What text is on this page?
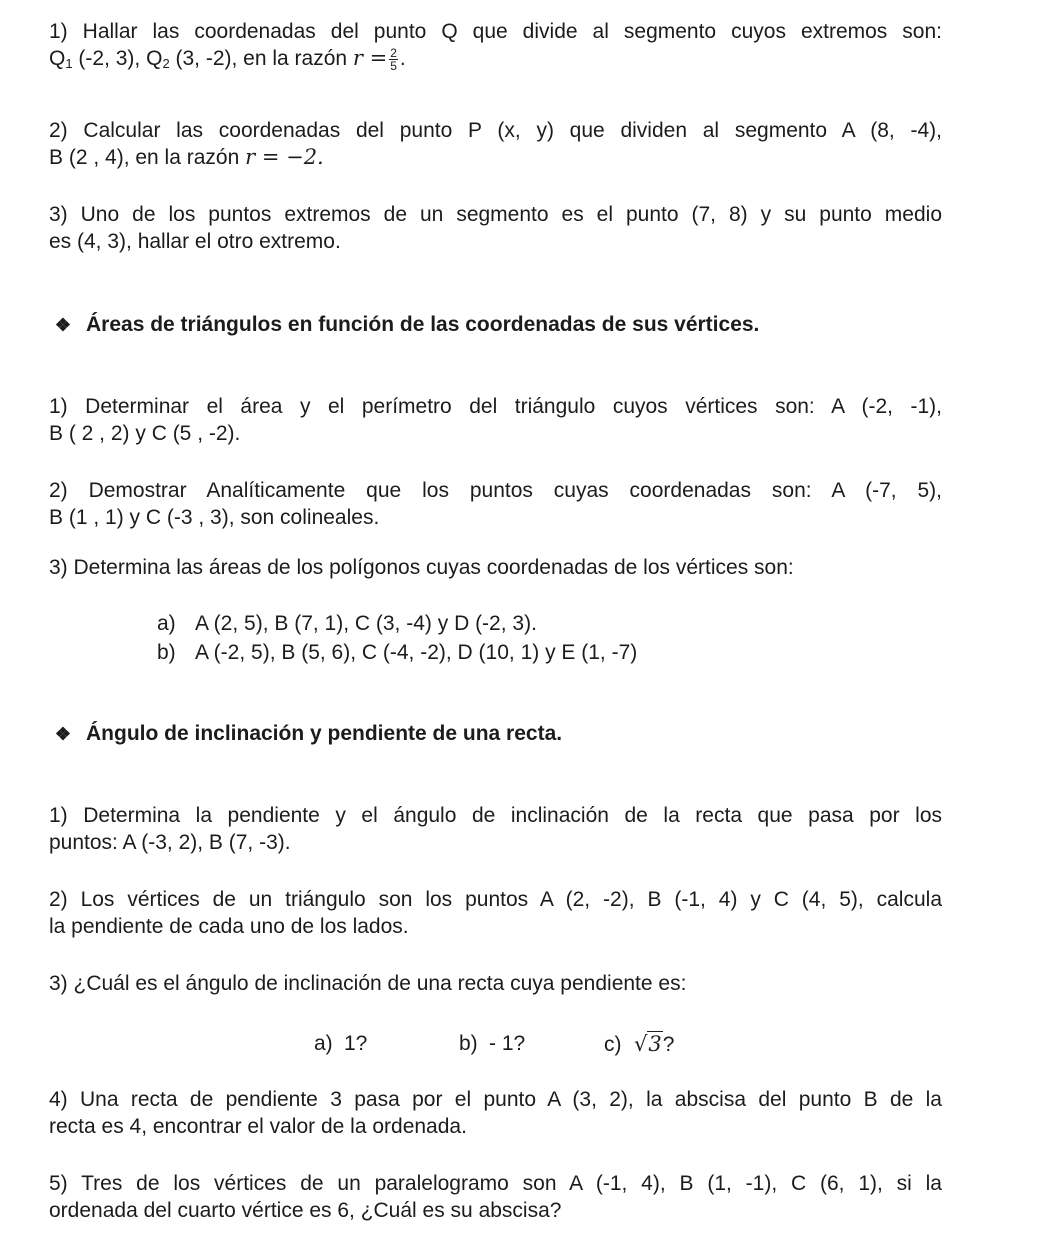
1) Hallar las coordenadas del punto Q que divide al segmento cuyos extremos son:
$Q_1$ (-2, 3), $Q_2$ (3, -2), en la razón $r = \frac{2}{5}$ .
2) Calcular las coordenadas del punto P (x, y) que dividen al segmento A (8, -4),
B (2 , 4), en la razón r = −2.
3) Uno de los puntos extremos de un segmento es el punto (7, 8) y su punto medio
es (4, 3), hallar el otro extremo.
❖ Áreas de triángulos en función de las coordenadas de sus vértices.
1) Determinar el área y el perímetro del triángulo cuyos vértices son: A (-2, -1),
B ( 2 , 2) y C (5 , -2).
2) Demostrar Analíticamente que los puntos cuyas coordenadas son: A (-7, 5),
B (1 , 1) y C (-3 , 3), son colineales.
3) Determina las áreas de los polígonos cuyas coordenadas de los vértices son:
a) A (2, 5), B (7, 1), C (3, -4) y D (-2, 3).
b) A (-2, 5), B (5, 6), C (-4, -2), D (10, 1) y E (1, -7)
❖ Ángulo de inclinación y pendiente de una recta.
1) Determina la pendiente y el ángulo de inclinación de la recta que pasa por los
puntos: A (-3, 2), B (7, -3).
2) Los vértices de un triángulo son los puntos A (2, -2), B (-1, 4) y C (4, 5), calcula
la pendiente de cada uno de los lados.
3) ¿Cuál es el ángulo de inclinación de una recta cuya pendiente es:
a) 1?	b) - 1?	c) √3?
4) Una recta de pendiente 3 pasa por el punto A (3, 2), la abscisa del punto B de la
recta es 4, encontrar el valor de la ordenada.
5) Tres de los vértices de un paralelogramo son A (-1, 4), B (1, -1), C (6, 1), si la
ordenada del cuarto vértice es 6, ¿Cuál es su abscisa?
